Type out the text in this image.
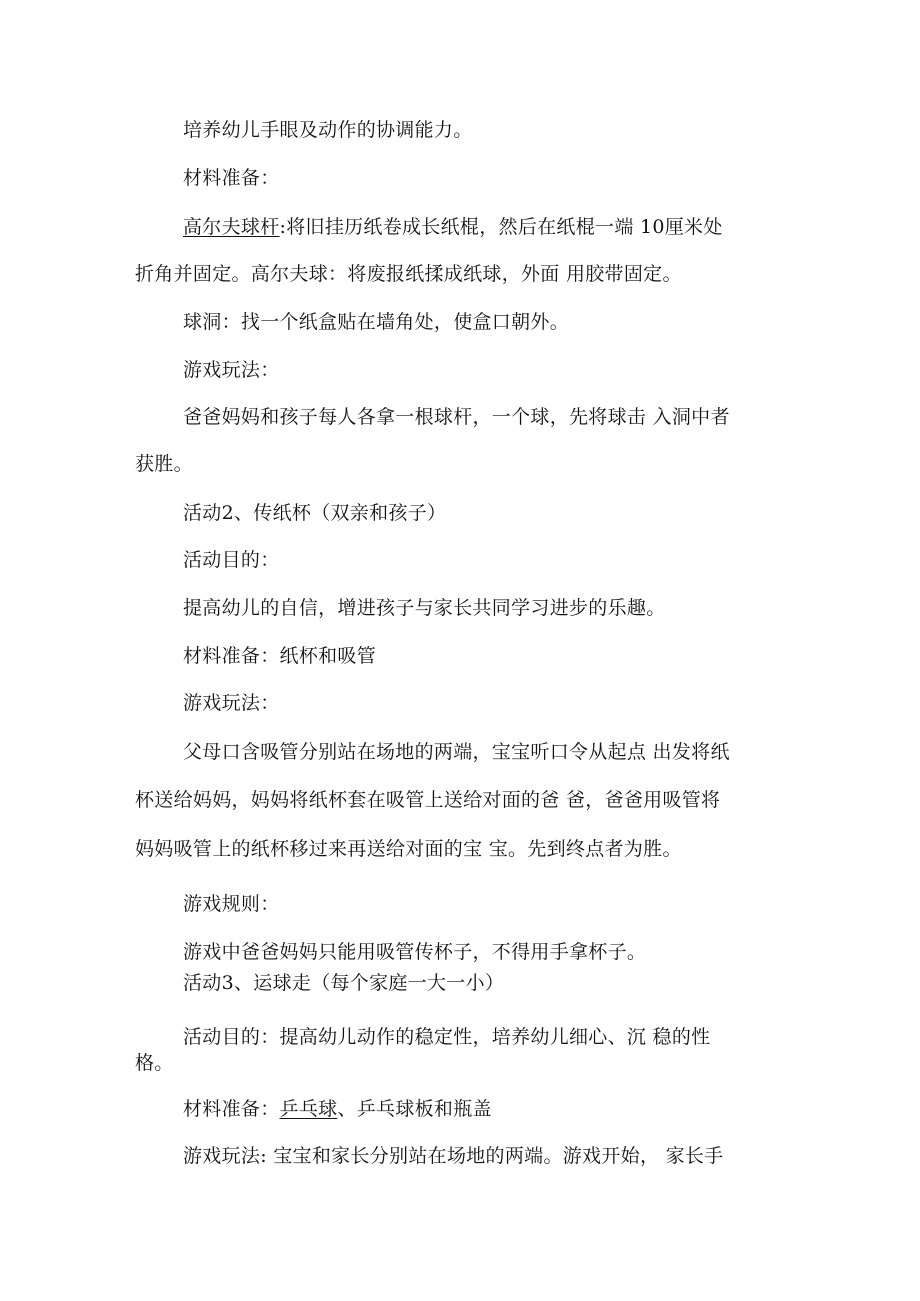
培养幼儿手眼及动作的协调能力。
材料准备：
高尔夫球杆:将旧挂历纸卷成长纸棍，然后在纸棍一端 10厘米处
折角并固定。高尔夫球：将废报纸揉成纸球，外面 用胶带固定。
球洞：找一个纸盒贴在墙角处，使盒口朝外。
游戏玩法：
爸爸妈妈和孩子每人各拿一根球杆，一个球，先将球击 入洞中者
获胜。
活动2、传纸杯（双亲和孩子）
活动目的：
提高幼儿的自信，增进孩子与家长共同学习进步的乐趣。
材料准备：纸杯和吸管
游戏玩法：
父母口含吸管分别站在场地的两端，宝宝听口令从起点 出发将纸
杯送给妈妈，妈妈将纸杯套在吸管上送给对面的爸 爸，爸爸用吸管将
妈妈吸管上的纸杯移过来再送给对面的宝 宝。先到终点者为胜。
游戏规则：
游戏中爸爸妈妈只能用吸管传杯子，不得用手拿杯子。
活动3、运球走（每个家庭一大一小）
活动目的：提高幼儿动作的稳定性，培养幼儿细心、沉 稳的性
格。
材料准备：乒乓球、乒乓球板和瓶盖
游戏玩法: 宝宝和家长分别站在场地的两端。游戏开始， 家长手
